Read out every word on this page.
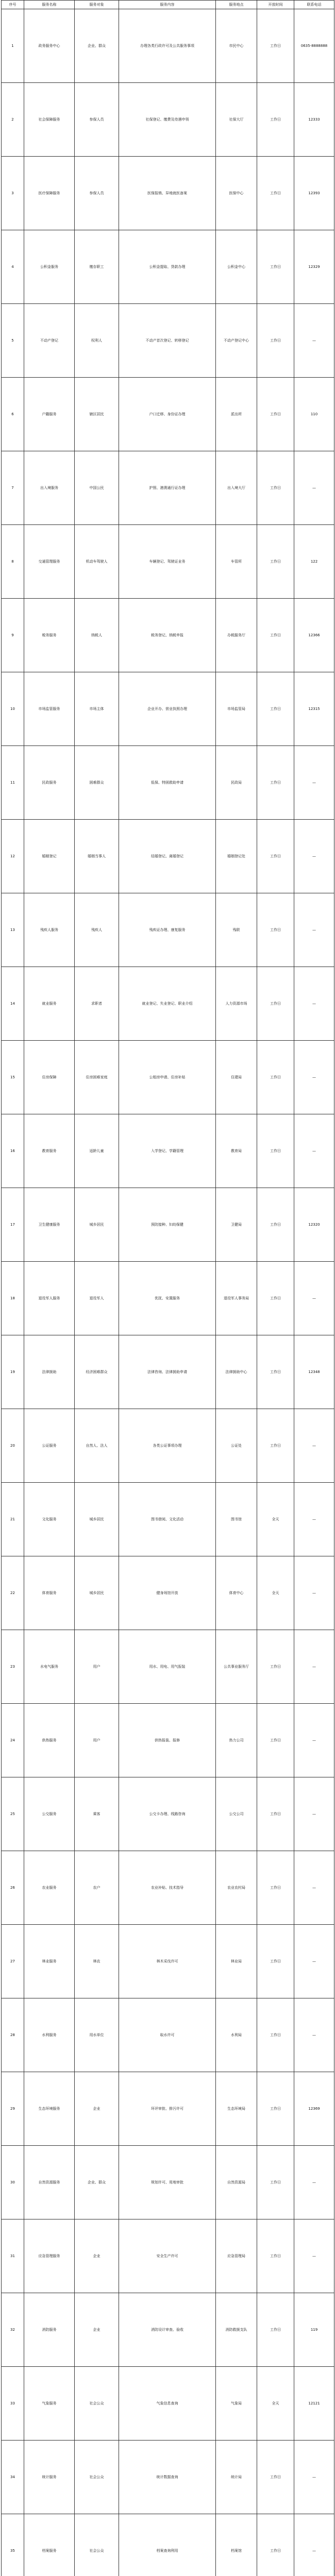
序号	服务名称	服务对象	服务内容	服务地点	开放时间	联系电话
1	政务服务中心	企业、群众	办理各类行政许可及公共服务事项	市民中心	工作日	0635-8888888
2	社会保障服务	参保人员	社保登记、缴费及待遇申领	社保大厅	工作日	12333
3	医疗保障服务	参保人员	医保报销、异地就医备案	医保中心	工作日	12393
4	公积金服务	缴存职工	公积金提取、贷款办理	公积金中心	工作日	12329
5	不动产登记	权利人	不动产首次登记、转移登记	不动产登记中心	工作日	—
6	户籍服务	辖区居民	户口迁移、身份证办理	派出所	工作日	110
7	出入境服务	中国公民	护照、港澳通行证办理	出入境大厅	工作日	—
8	交通管理服务	机动车驾驶人	车辆登记、驾驶证业务	车管所	工作日	122
9	税务服务	纳税人	税务登记、纳税申报	办税服务厅	工作日	12366
10	市场监管服务	市场主体	企业开办、营业执照办理	市场监管局	工作日	12315
11	民政服务	困难群众	低保、特困救助申请	民政局	工作日	—
12	婚姻登记	婚姻当事人	结婚登记、离婚登记	婚姻登记处	工作日	—
13	残疾人服务	残疾人	残疾证办理、康复服务	残联	工作日	—
14	就业服务	求职者	就业登记、失业登记、职业介绍	人力资源市场	工作日	—
15	住房保障	住房困难家庭	公租房申请、住房补贴	住建局	工作日	—
16	教育服务	适龄儿童	入学登记、学籍管理	教育局	工作日	—
17	卫生健康服务	城乡居民	预防接种、妇幼保健	卫健局	工作日	12320
18	退役军人服务	退役军人	优抚、安置服务	退役军人事务局	工作日	—
19	法律援助	经济困难群众	法律咨询、法律援助申请	法律援助中心	工作日	12348
20	公证服务	自然人、法人	各类公证事项办理	公证处	工作日	—
21	文化服务	城乡居民	图书借阅、文化活动	图书馆	全天	—
22	体育服务	城乡居民	健身场馆开放	体育中心	全天	—
23	水电气服务	用户	用水、用电、用气报装	公共事业服务厅	工作日	—
24	供热服务	用户	供热报装、报修	热力公司	工作日	—
25	公交服务	乘客	公交卡办理、线路咨询	公交公司	工作日	—
26	农业服务	农户	农业补贴、技术指导	农业农村局	工作日	—
27	林业服务	林农	林木采伐许可	林业局	工作日	—
28	水利服务	用水单位	取水许可	水利局	工作日	—
29	生态环境服务	企业	环评审批、排污许可	生态环境局	工作日	12369
30	自然资源服务	企业、群众	规划许可、用地审批	自然资源局	工作日	—
31	应急管理服务	企业	安全生产许可	应急管理局	工作日	—
32	消防服务	企业	消防设计审查、验收	消防救援支队	工作日	119
33	气象服务	社会公众	气象信息查询	气象局	全天	12121
34	统计服务	社会公众	统计数据查询	统计局	工作日	—
35	档案服务	社会公众	档案查询利用	档案馆	工作日	—
